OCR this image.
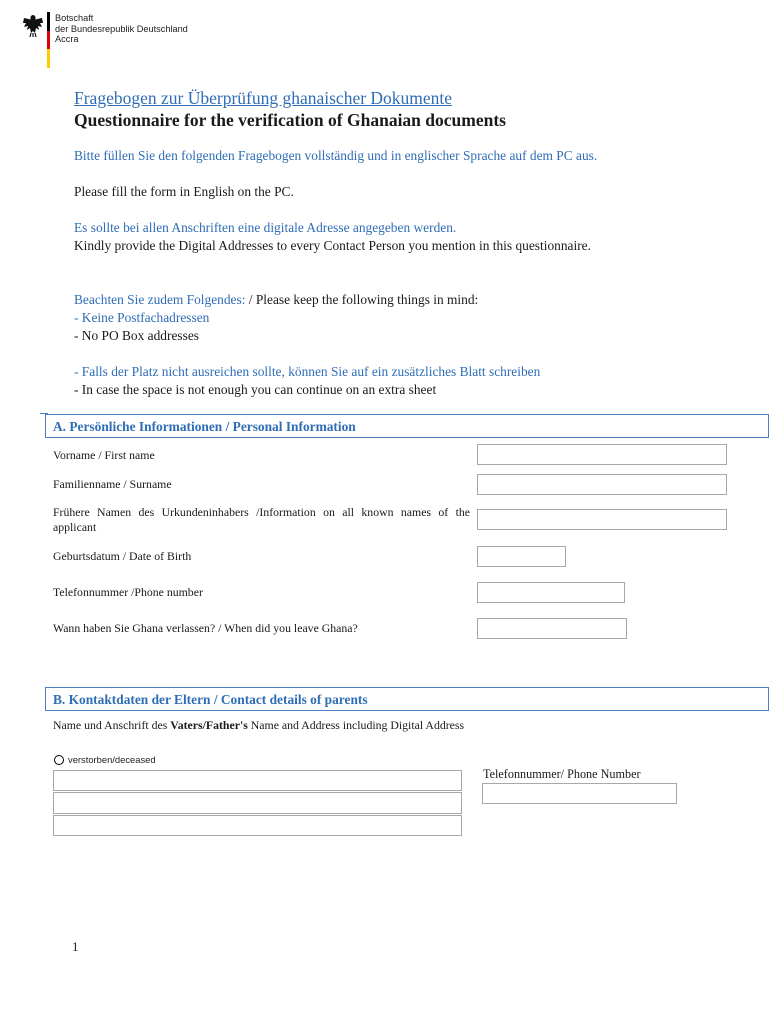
Botschaft
der Bundesrepublik Deutschland
Accra
Fragebogen zur Überprüfung ghanaischer Dokumente
Questionnaire for the verification of Ghanaian documents
Bitte füllen Sie den folgenden Fragebogen vollständig und in englischer Sprache auf dem PC aus.
Please fill the form in English on the PC.
Es sollte bei allen Anschriften eine digitale Adresse angegeben werden.
Kindly provide the Digital Addresses to every Contact Person you mention in this questionnaire.
Beachten Sie zudem Folgendes: / Please keep the following things in mind:
- Keine Postfachadressen
- No PO Box addresses
- Falls der Platz nicht ausreichen sollte, können Sie auf ein zusätzliches Blatt schreiben
- In case the space is not enough you can continue on an extra sheet
A. Persönliche Informationen / Personal Information
Vorname / First name
Familienname / Surname
Frühere Namen des Urkundeninhabers /Information on all known names of the applicant
Geburtsdatum / Date of Birth
Telefonnummer /Phone number
Wann haben Sie Ghana verlassen? / When did you leave Ghana?
B. Kontaktdaten der Eltern / Contact details of parents
Name und Anschrift des Vaters/Father's Name and Address including Digital Address
verstorben/deceased
Telefonnummer/ Phone Number
1
